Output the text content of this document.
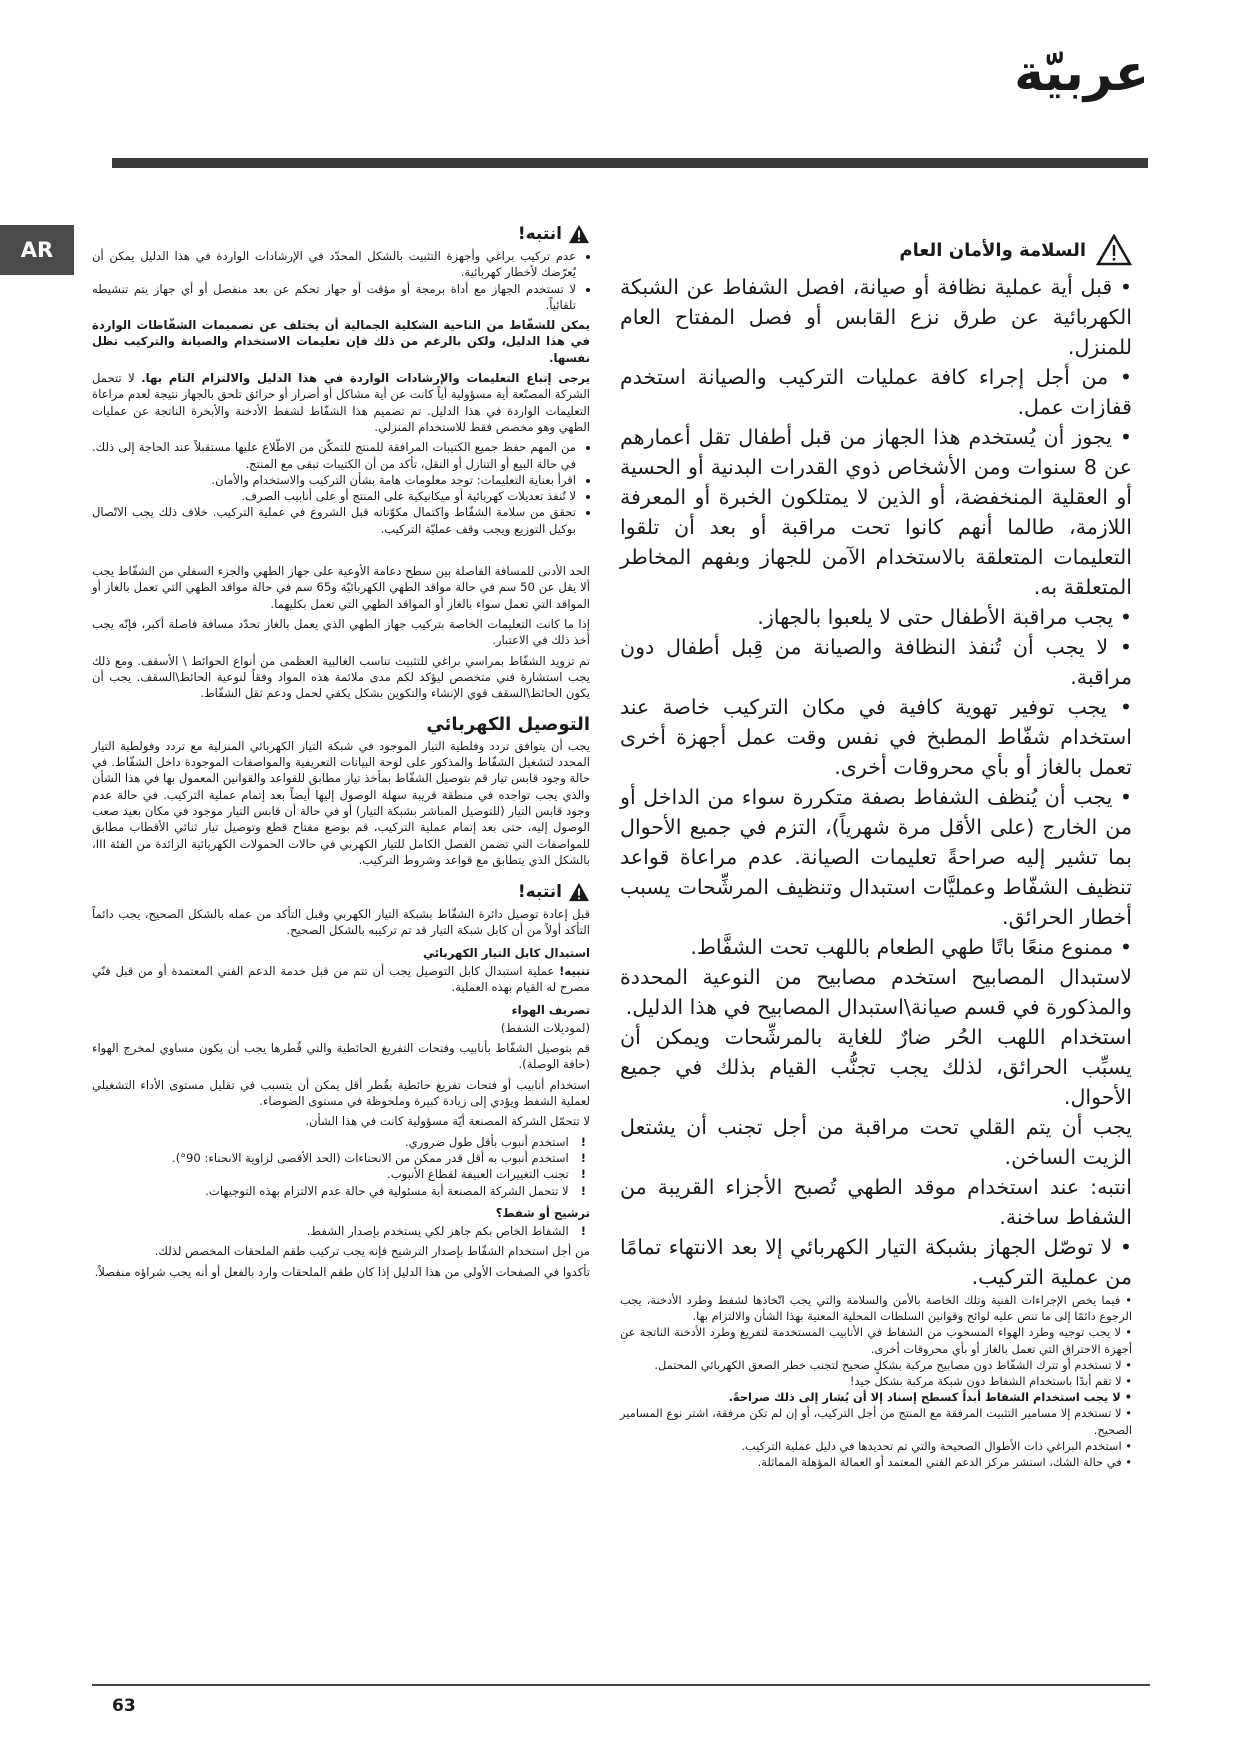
عربيّة
AR
انتبه!
• عدم تركيب براغي وأجهزة التثبيت بالشكل المحدّد في الإرشادات الواردة في هذا الدليل يمكن أن يُعرّضك لأخطار كهربائية.
• لا تستخدم الجهاز مع أداة برمجة أو مؤقت أو جهاز تحكم عن بعد منفصل أو أي جهاز يتم تنشيطه تلقائياً.

يمكن للشفّاط من الناحية الشكلية الجمالية أن يختلف عن تصميمات الشفّاطات الواردة في هذا الدليل، ولكن بالرغم من ذلك فإن تعليمات الاستخدام والصيانة والتركيب تظل نفسها.

يرجى إتباع التعليمات والإرشادات الواردة في هذا الدليل والالتزام التام بها. لا تتحمل الشركة المصنّعة أية مسؤولية أياً كانت عن أية مشاكل أو أضرار أو حرائق تلحق بالجهاز نتيجة لعدم مراعاة التعليمات الواردة في هذا الدليل. تم تصميم هذا الشفّاط لشفط الأدخنة والأبخرة الناتجة عن عمليات الطهي وهو مخصص فقط للاستخدام المنزلي.

• من المهم حفظ جميع الكتيبات المرافقة للمنتج للتمكّن من الاطّلاع عليها مستقبلاً عند الحاجة إلى ذلك. في حالة البيع أو التنازل أو النقل، تأكد من أن الكتيبات تبقى مع المنتج.
• اقرأ بعناية التعليمات: توجد معلومات هامة بشأن التركيب والاستخدام والأمان.
• لا تُنفذ تعديلات كهربائية أو ميكانيكية على المنتج أو على أنابيب الصرف.
• تحقق من سلامة الشفّاط واكتمال مكوّناته قبل الشروع في عملية التركيب. خلاف ذلك يجب الاتّصال بوكيل التوزيع ويجب وقف عمليّة التركيب.

الحد الأدنى للمسافة الفاصلة بين سطح دعامة الأوعية على جهاز الطهي والجزء السفلي من الشفّاط يجب ألا يقل عن 50 سم في حالة مواقد الطهي الكهربائيّة و65 سم في حالة مواقد الطهي التي تعمل بالغاز أو المواقد التي تعمل سواء بالغاز أو المواقد الطهي التي تعمل بكليهما.

إذا ما كانت التعليمات الخاصة بتركيب جهاز الطهي الذي يعمل بالغاز تحدّد مسافة فاصلة أكبر، فإنّه يجب أخذ ذلك في الاعتبار.

تم تزويد الشفّاط بمراسي براغي للتثبيت تناسب الغالبية العظمى من أنواع الحوائط \ الأسقف. ومع ذلك يجب استشارة فني متخصص ليؤكد لكم مدى ملائمة هذه المواد وفقاً لنوعية الحائط\السقف. يجب أن يكون الحائط\السقف قوي الإنشاء والتكوين بشكل يكفي لحمل ودعم ثقل الشفّاط.

التوصيل الكهربائي

يجب أن يتوافق تردد وفلطية التيار الموجود في شبكة التيار الكهربائي المنزلية مع تردد وفولطية التيار المحدد لتشغيل الشفّاط والمذكور على لوحة البيانات التعريفية والمواصفات الموجودة داخل الشفّاط. في حالة وجود قابس تيار قم بتوصيل الشفّاط بمأخذ تيار مطابق للقواعد والقوانين المعمول بها في هذا الشأن والذي يجب تواجده في منطقة قريبة سهلة الوصول إليها أيضاً بعد إتمام عملية التركيب. في حالة عدم وجود قابس التيار (للتوصيل المباشر بشبكة التيار) أو في حالة أن قابس التيار موجود في مكان بعيد صعب الوصول إليه، حتى بعد إتمام عملية التركيب، قم بوضع مفتاح قطع وتوصيل تيار ثنائي الأقطاب مطابق للمواصفات التي تضمن الفصل الكامل للتيار الكهربي في حالات الحمولات الكهربائية الزائدة من الفئة III، بالشكل الذي يتطابق مع قواعد وشروط التركيب.

انتبه!

قبل إعادة توصيل دائرة الشفّاط بشبكة التيار الكهربي وقبل التأكد من عمله بالشكل الصحيح، يجب دائماً التأكد أولاً من أن كابل شبكة التيار قد تم تركيبه بالشكل الصحيح.

استبدال كابل التيار الكهربائي

تنبيه! عملية استبدال كابل التوصيل يجب أن تتم من قبل خدمة الدعم الفني المعتمدة أو من قبل فنّي مصرح له القيام بهذه العملية.

تصريف الهواء

(لموديلات الشفط)

قم بتوصيل الشفّاط بأنابيب وفتحات التفريغ الحائطية والتي قُطرها يجب أن يكون مساوي لمخرج الهواء (حافة الوصلة).

استخدام أنابيب أو فتحات تفريغ حائطية بقُطر أقل يمكن أن يتسبب في تقليل مستوى الأداء التشغيلي لعملية الشفط ويؤدي إلى زيادة كبيرة وملحوظة في مستوى الضوضاء.

لا تتحمّل الشركة المصنعة أيّة مسؤولية كانت في هذا الشأن.

! استخدم أنبوب بأقل طول ضروري.
! استخدم أنبوب به أقل قدر ممكن من الانحناءات (الحد الأقصى لزاوية الانحناء: 90°).
! تجنب التغييرات العنيفة لقطاع الأنبوب.
! لا تتحمل الشركة المصنعة أية مسئولية في حالة عدم الالتزام بهذه التوجيهات.
ترشيح أو شفط؟
! الشفاط الخاص بكم جاهز لكي يستخدم بإصدار الشفط.

من أجل استخدام الشفّاط بإصدار الترشيح فإنه يجب تركيب طقم الملحقات المخصص لذلك.

تأكدوا في الصفحات الأولى من هذا الدليل إذا كان طقم الملحقات وارد بالفعل أو أنه يجب شراؤه منفصلاً.

السلامة والأمان العام
• قبل أية عملية نظافة أو صيانة، افصل الشفاط عن الشبكة الكهربائية عن طرق نزع القابس أو فصل المفتاح العام للمنزل.
• من أجل إجراء كافة عمليات التركيب والصيانة استخدم قفازات عمل.
• يجوز أن يُستخدم هذا الجهاز من قبل أطفال تقل أعمارهم عن 8 سنوات ومن الأشخاص ذوي القدرات البدنية أو الحسية أو العقلية المنخفضة، أو الذين لا يمتلكون الخبرة أو المعرفة اللازمة، طالما أنهم كانوا تحت مراقبة أو بعد أن تلقوا التعليمات المتعلقة بالاستخدام الآمن للجهاز وبفهم المخاطر المتعلقة به.
• يجب مراقبة الأطفال حتى لا يلعبوا بالجهاز.
• لا يجب أن تُنفذ النظافة والصيانة من قِبل أطفال دون مراقبة.
• يجب توفير تهوية كافية في مكان التركيب خاصة عند استخدام شفّاط المطبخ في نفس وقت عمل أجهزة أخرى تعمل بالغاز أو بأي محروقات أخرى.
• يجب أن يُنظف الشفاط بصفة متكررة سواء من الداخل أو من الخارج (على الأقل مرة شهرياً)، التزم في جميع الأحوال بما تشير إليه صراحةً تعليمات الصيانة. عدم مراعاة قواعد تنظيف الشفّاط وعمليَّات استبدال وتنظيف المرشِّحات يسبب أخطار الحرائق.
• ممنوع منعًا باتًا طهي الطعام باللهب تحت الشفَّاط.
لاستبدال المصابيح استخدم مصابيح من النوعية المحددة والمذكورة في قسم صيانة\استبدال المصابيح في هذا الدليل.
استخدام اللهب الحُر ضارٌ للغاية بالمرشِّحات ويمكن أن يسبِّب الحرائق، لذلك يجب تجنُّب القيام بذلك في جميع الأحوال.
يجب أن يتم القلي تحت مراقبة من أجل تجنب أن يشتعل الزيت الساخن.
انتبه: عند استخدام موقد الطهي تُصبح الأجزاء القريبة من الشفاط ساخنة.
• لا توصّل الجهاز بشبكة التيار الكهربائي إلا بعد الانتهاء تمامًا من عملية التركيب.
• فيما يخص الإجراءات الفنية وتلك الخاصة بالأمن والسلامة والتي يجب اتّخاذها لشفط وطرد الأدخنة، يجب الرجوع دائمًا إلى ما تنص عليه لوائح وقوانين السلطات المحلية المعنية بهذا الشأن والالتزام بها.
• لا يجب توجيه وطرد الهواء المسحوب من الشفاط في الأنابيب المستخدمة لتفريغ وطرد الأدخنة الناتجة عن أجهزة الاحتراق التي تعمل بالغاز أو بأي محروقات أخرى.
• لا تستخدم أو تترك الشفّاط دون مصابيح مركبة بشكلٍ صحيح لتجنب خطر الصعق الكهربائي المحتمل.
• لا تقم أبدًا باستخدام الشفاط دون شبكة مركبة بشكل جيد!
• لا يجب استخدام الشفاط أبداً كسطح إسناد إلا أن يُشار إلى ذلك صراحةً.
• لا تستخدم إلا مسامير التثبيت المرفقة مع المنتج من أجل التركيب، أو إن لم تكن مرفقة، اشتر نوع المسامير الصحيح.
• استخدم البراغي ذات الأطوال الصحيحة والتي تم تحديدها في دليل عملية التركيب.
• في حالة الشك، استشر مركز الدعم الفني المعتمد أو العمالة المؤهلة المماثلة.
63
